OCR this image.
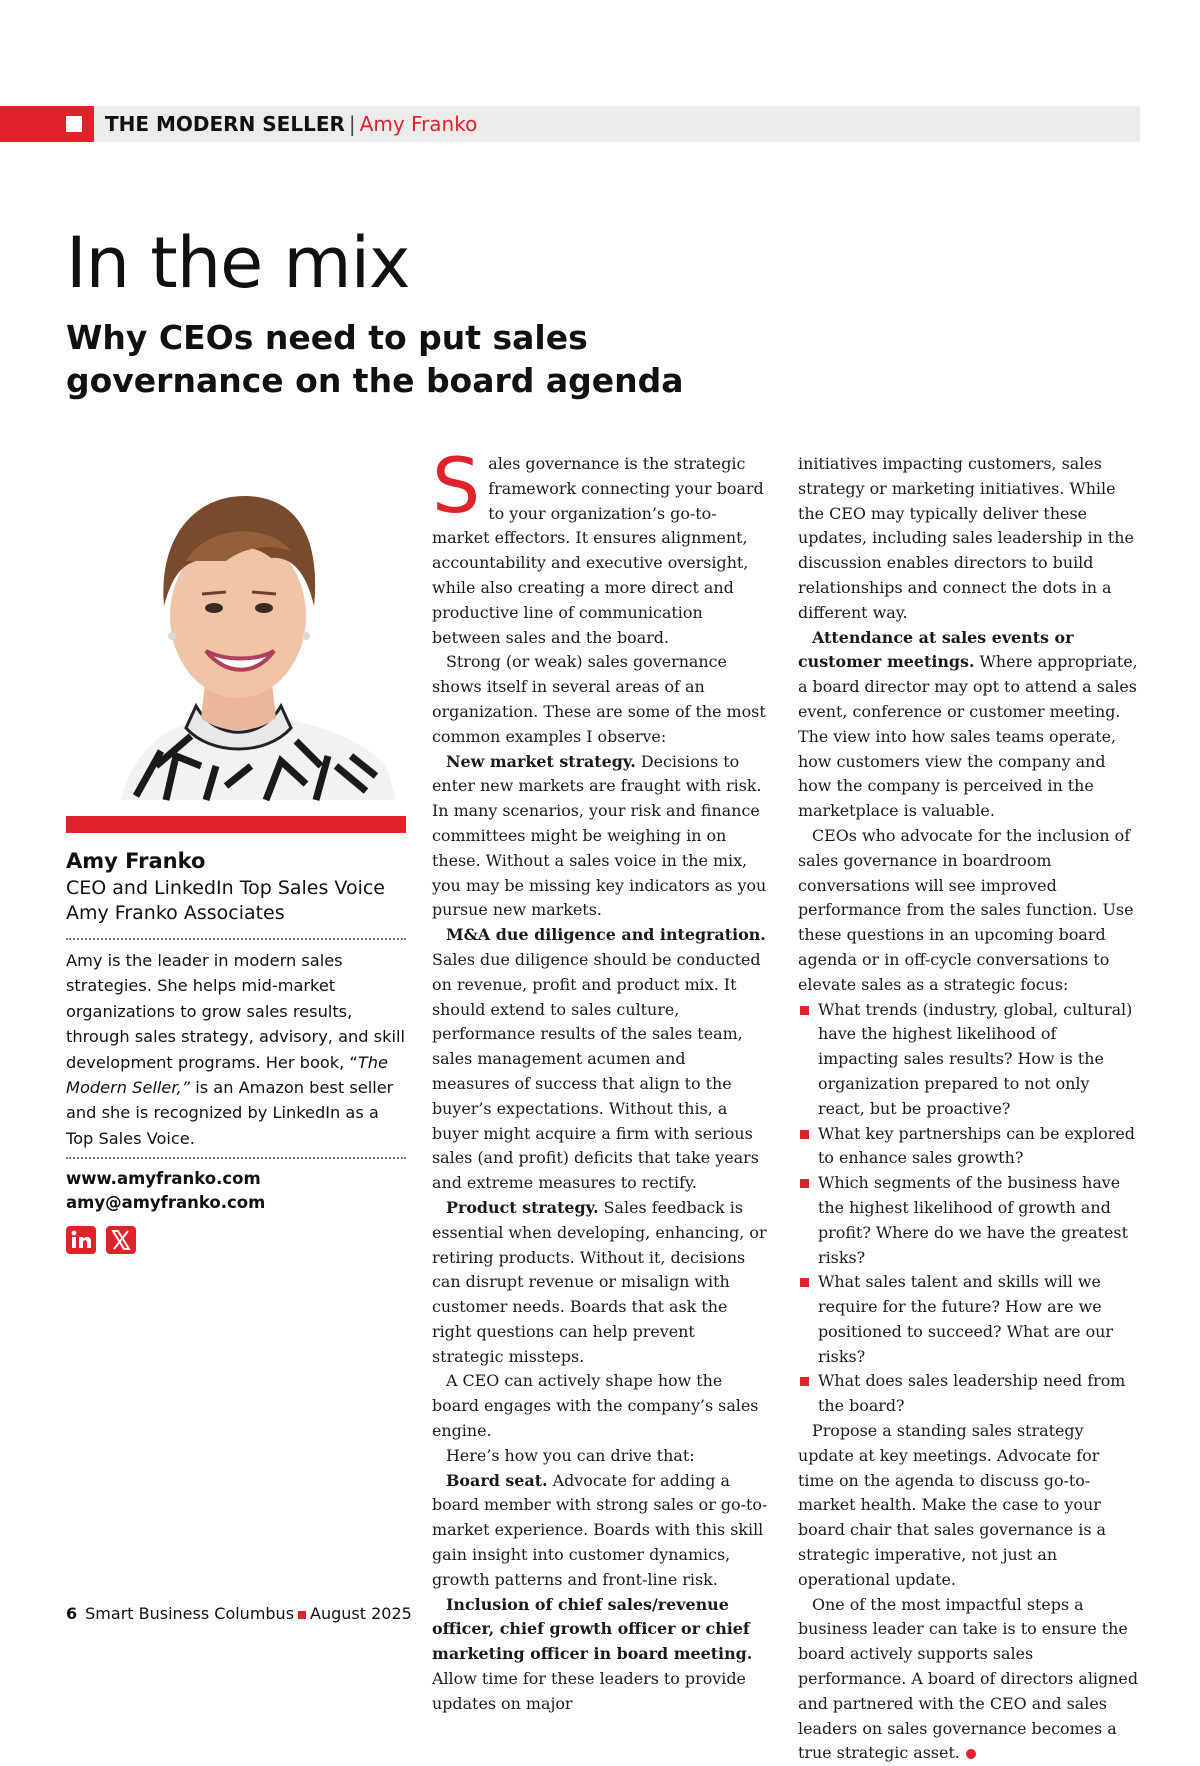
THE MODERN SELLER | Amy Franko
In the mix
Why CEOs need to put sales governance on the board agenda
Amy Franko
CEO and LinkedIn Top Sales Voice
Amy Franko Associates
Amy is the leader in modern sales strategies. She helps mid-market organizations to grow sales results, through sales strategy, advisory, and skill development programs. Her book, “The Modern Seller,” is an Amazon best seller and she is recognized by LinkedIn as a Top Sales Voice.
www.amyfranko.com
amy@amyfranko.com

Sales governance is the strategic framework connecting your board to your organization’s go-to-market effectors. It ensures alignment, accountability and executive oversight, while also creating a more direct and productive line of communication between sales and the board.

Strong (or weak) sales governance shows itself in several areas of an organization. These are some of the most common examples I observe:

New market strategy. Decisions to enter new markets are fraught with risk. In many scenarios, your risk and finance committees might be weighing in on these. Without a sales voice in the mix, you may be missing key indicators as you pursue new markets.

M&A due diligence and integration. Sales due diligence should be conducted on revenue, profit and product mix. It should extend to sales culture, performance results of the sales team, sales management acumen and measures of success that align to the buyer’s expectations. Without this, a buyer might acquire a firm with serious sales (and profit) deficits that take years and extreme measures to rectify.

Product strategy. Sales feedback is essential when developing, enhancing, or retiring products. Without it, decisions can disrupt revenue or misalign with customer needs. Boards that ask the right questions can help prevent strategic missteps.

A CEO can actively shape how the board engages with the company’s sales engine.

Here’s how you can drive that:

Board seat. Advocate for adding a board member with strong sales or go-to-market experience. Boards with this skill gain insight into customer dynamics, growth patterns and front-line risk.

Inclusion of chief sales/revenue officer, chief growth officer or chief marketing officer in board meeting. Allow time for these leaders to provide updates on major

initiatives impacting customers, sales strategy or marketing initiatives. While the CEO may typically deliver these updates, including sales leadership in the discussion enables directors to build relationships and connect the dots in a different way.

Attendance at sales events or customer meetings. Where appropriate, a board director may opt to attend a sales event, conference or customer meeting. The view into how sales teams operate, how customers view the company and how the company is perceived in the marketplace is valuable.

CEOs who advocate for the inclusion of sales governance in boardroom conversations will see improved performance from the sales function. Use these questions in an upcoming board agenda or in off-cycle conversations to elevate sales as a strategic focus:

What trends (industry, global, cultural) have the highest likelihood of impacting sales results? How is the organization prepared to not only react, but be proactive?
What key partnerships can be explored to enhance sales growth?
Which segments of the business have the highest likelihood of growth and profit? Where do we have the greatest risks?
What sales talent and skills will we require for the future? How are we positioned to succeed? What are our risks?
What does sales leadership need from the board?

Propose a standing sales strategy update at key meetings. Advocate for time on the agenda to discuss go-to-market health. Make the case to your board chair that sales governance is a strategic imperative, not just an operational update.

One of the most impactful steps a business leader can take is to ensure the board actively supports sales performance. A board of directors aligned and partnered with the CEO and sales leaders on sales governance becomes a true strategic asset.

6 Smart Business Columbus August 2025
